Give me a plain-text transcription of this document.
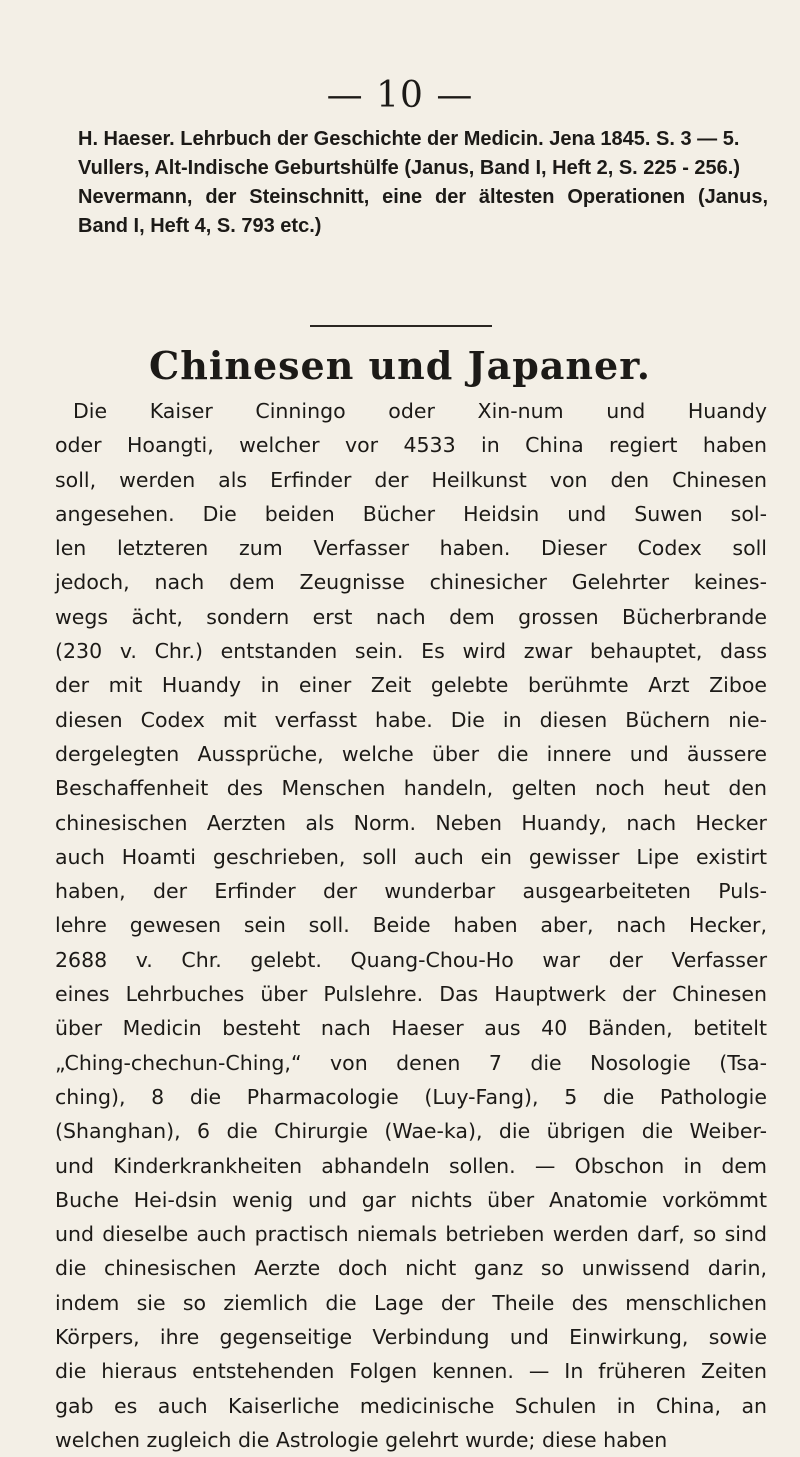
— 10 —

H. Haeser. Lehrbuch der Geschichte der Medicin. Jena 1845. S. 3 — 5.

Vullers, Alt-Indische Geburtshülfe (Janus, Band I, Heft 2, S. 225 - 256.)

Nevermann, der Steinschnitt, eine der ältesten Operationen (Janus, Band I, Heft 4, S. 793 etc.)

Chinesen und Japaner.
Die Kaiser Cinningo oder Xin-num und Huandy
oder Hoangti, welcher vor 4533 in China regiert haben
soll, werden als Erfinder der Heilkunst von den Chinesen
angesehen. Die beiden Bücher Heidsin und Suwen sol-
len letzteren zum Verfasser haben. Dieser Codex soll
jedoch, nach dem Zeugnisse chinesicher Gelehrter keines-
wegs ächt, sondern erst nach dem grossen Bücherbrande
(230 v. Chr.) entstanden sein. Es wird zwar behauptet, dass
der mit Huandy in einer Zeit gelebte berühmte Arzt Ziboe
diesen Codex mit verfasst habe. Die in diesen Büchern nie-
dergelegten Aussprüche, welche über die innere und äussere
Beschaffenheit des Menschen handeln, gelten noch heut den
chinesischen Aerzten als Norm. Neben Huandy, nach Hecker
auch Hoamti geschrieben, soll auch ein gewisser Lipe existirt
haben, der Erfinder der wunderbar ausgearbeiteten Puls-
lehre gewesen sein soll. Beide haben aber, nach Hecker,
2688 v. Chr. gelebt. Quang-Chou-Ho war der Verfasser
eines Lehrbuches über Pulslehre. Das Hauptwerk der Chinesen
über Medicin besteht nach Haeser aus 40 Bänden, betitelt
„Ching-chechun-Ching,“ von denen 7 die Nosologie (Tsa-
ching), 8 die Pharmacologie (Luy-Fang), 5 die Pathologie
(Shanghan), 6 die Chirurgie (Wae-ka), die übrigen die Weiber-
und Kinderkrankheiten abhandeln sollen. — Obschon in dem
Buche Hei-dsin wenig und gar nichts über Anatomie vorkömmt
und dieselbe auch practisch niemals betrieben werden darf, so sind
die chinesischen Aerzte doch nicht ganz so unwissend darin,
indem sie so ziemlich die Lage der Theile des menschlichen
Körpers, ihre gegenseitige Verbindung und Einwirkung, sowie
die hieraus entstehenden Folgen kennen. — In früheren Zeiten
gab es auch Kaiserliche medicinische Schulen in China, an
welchen zugleich die Astrologie gelehrt wurde; diese haben
